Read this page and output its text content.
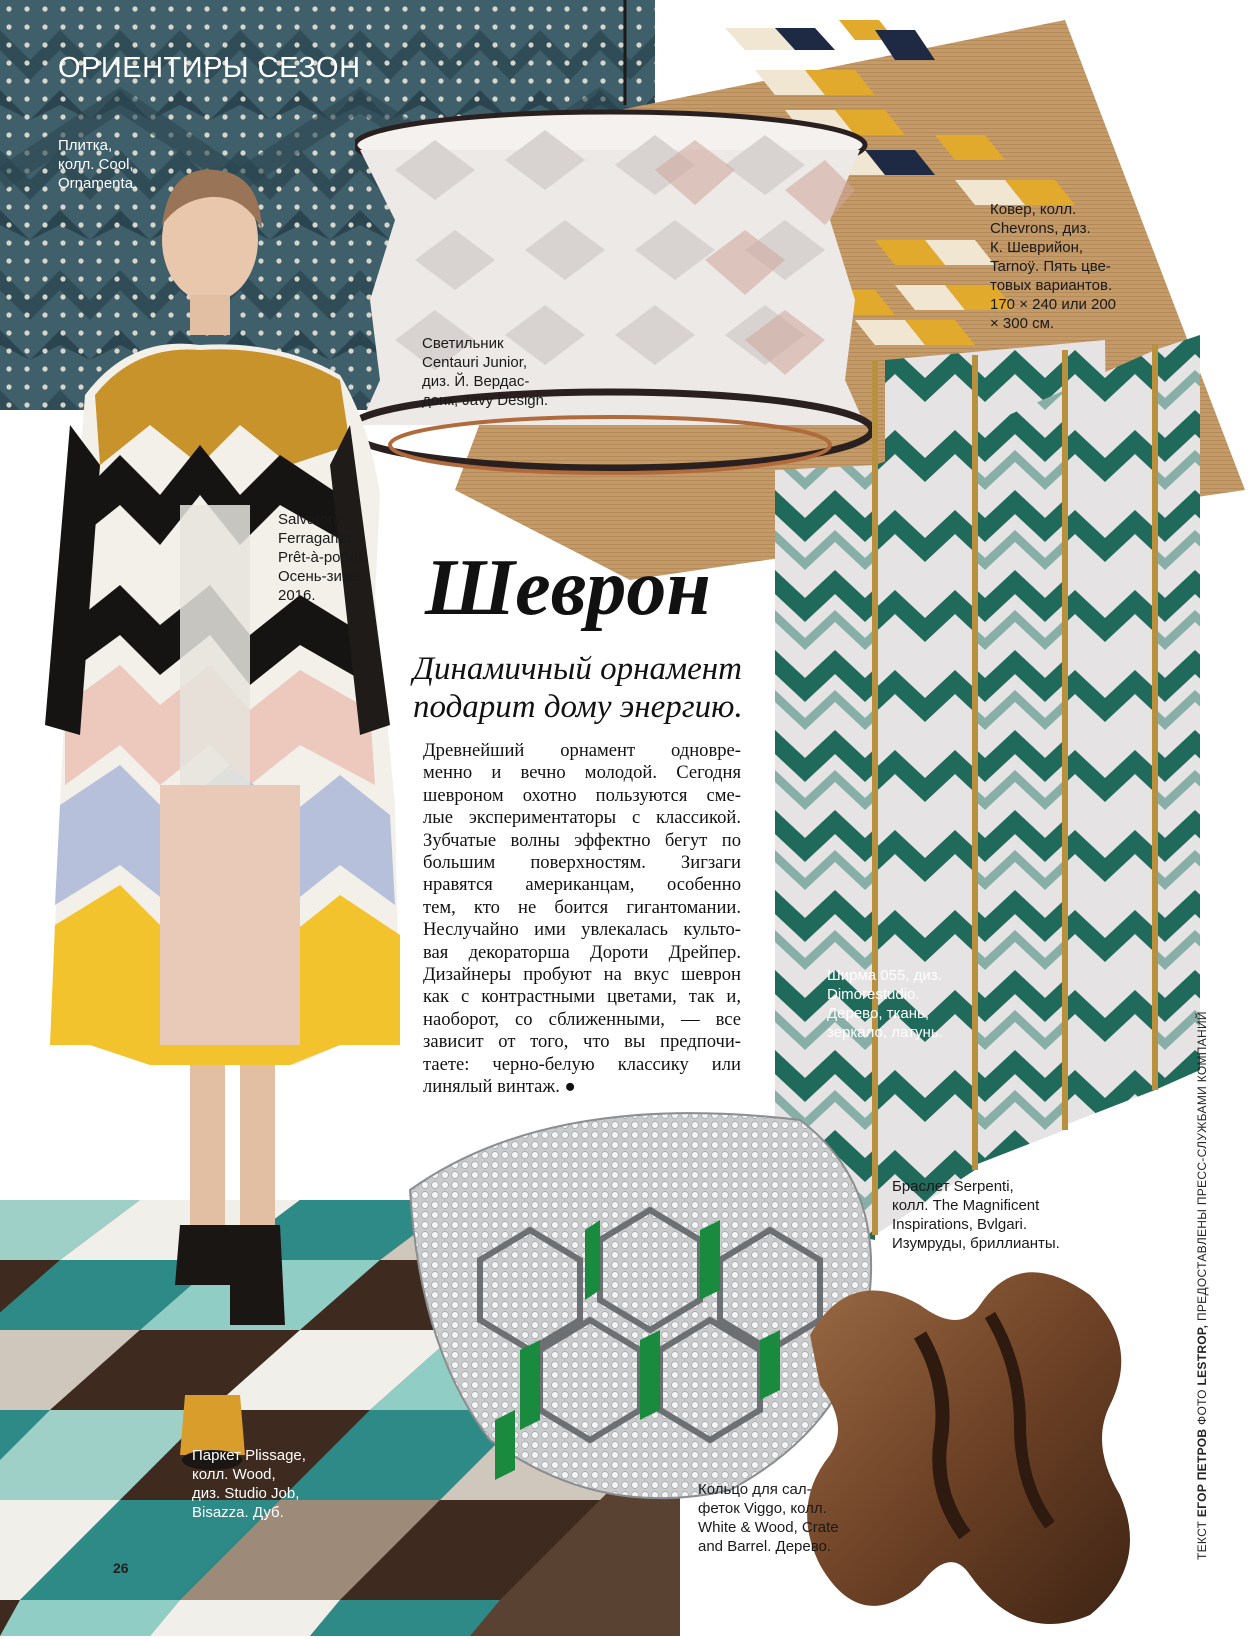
ОРИЕНТИРЫ СЕЗОН
Плитка,
колл. Cool,
Ornamenta.
Светильник
Centauri Junior,
диз. Й. Вердас-
донк, Javy Design.
Ковер, колл.
Chevrons, диз.
К. Шеврийон,
Tarnoÿ. Пять цве-
товых вариантов.
170 × 240 или 200
× 300 см.
Salvatore
Ferragamo.
Prêt-à-porter.
Осень-зима
2016.
Ширма 055, диз.
Dimorestudio.
Дерево, ткань,
зеркало, латунь.
Браслет Serpenti,
колл. The Magnificent
Inspirations, Bvlgari.
Изумруды, бриллианты.
Паркет Plissage,
колл. Wood,
диз. Studio Job,
Bisazza. Дуб.
Кольцо для сал-
феток Viggo, колл.
White & Wood, Crate
and Barrel. Дерево.
Шеврон
Динамичный орнамент
подарит дому энергию.
Древнейший орнамент одновре-
менно и вечно молодой. Сегодня
шевроном охотно пользуются сме-
лые экспериментаторы с классикой.
Зубчатые волны эффектно бегут по
большим поверхностям. Зигзаги
нравятся американцам, особенно
тем, кто не боится гигантомании.
Неслучайно ими увлекалась культо-
вая декораторша Дороти Дрейпер.
Дизайнеры пробуют на вкус шеврон
как с контрастными цветами, так и,
наоборот, со сближенными, — все
зависит от того, что вы предпочи-
таете: черно-белую классику или
линялый винтаж. ●
26
ТЕКСТ ЕГОР ПЕТРОВ ФОТО LESTROP, ПРЕДОСТАВЛЕНЫ ПРЕСС-СЛУЖБАМИ КОМПАНИЙ
